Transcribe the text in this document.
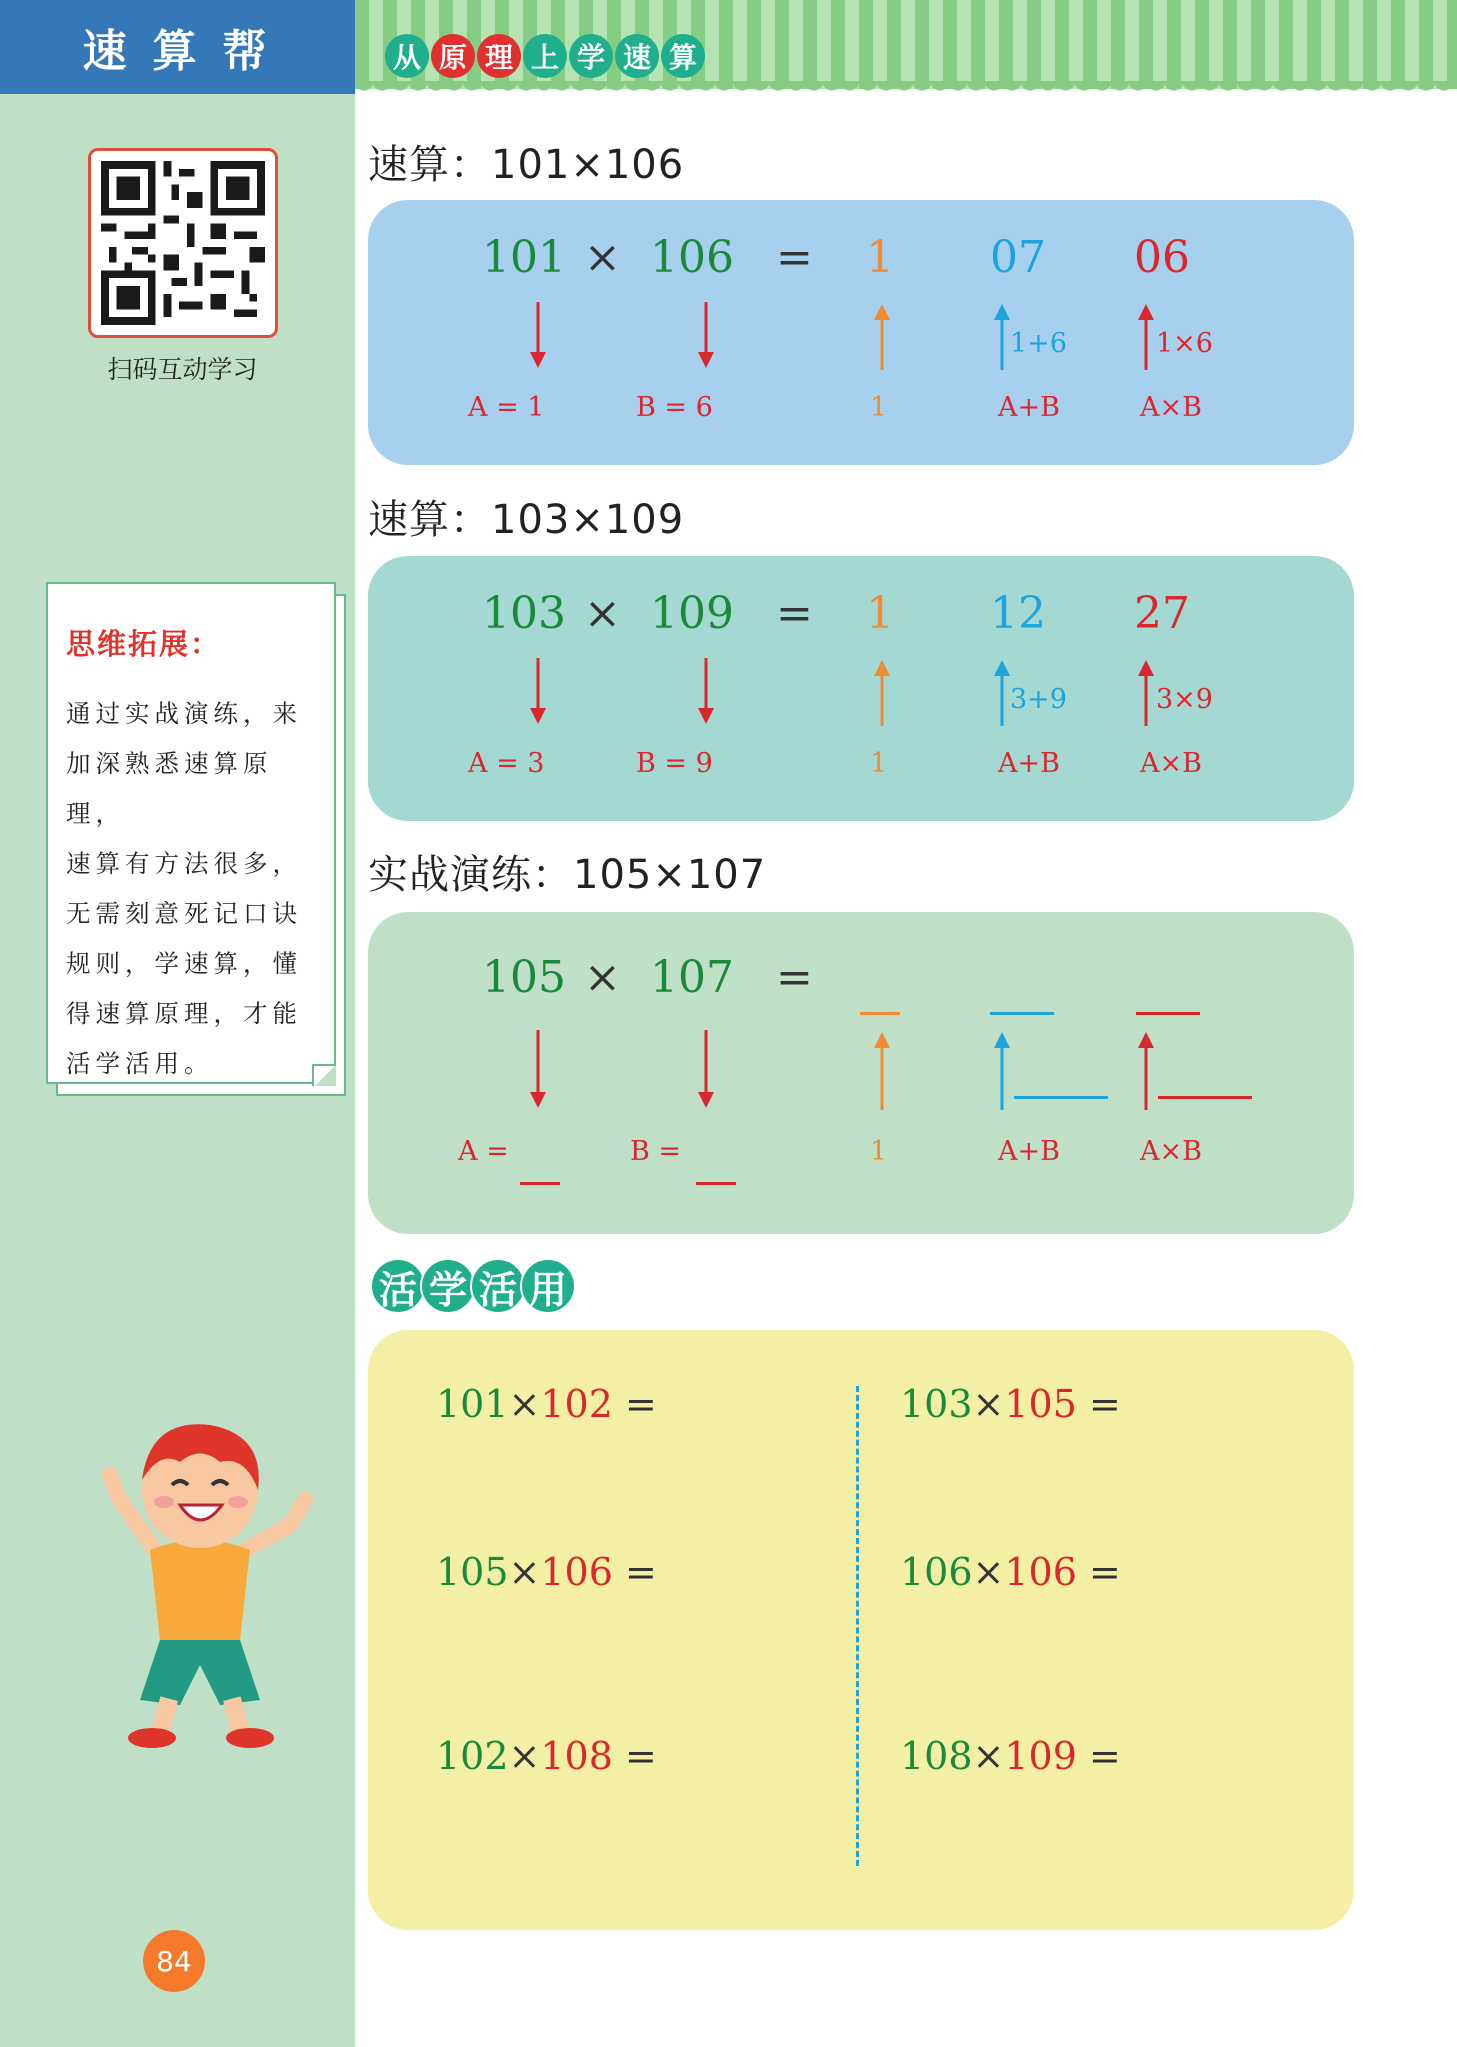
速算帮	从 原 理 上 学 速 算
扫码互动学习
思维拓展：

通过实战演练，来

加深熟悉速算原理，

速算有方法很多，

无需刻意死记口诀

规则，学速算，懂

得速算原理，才能

活学活用。

84
速算：101×106
101 × 106 = 1 07 06
1+6	1×6
A = 1	B = 6	1	A+B	A×B
速算：103×109
103 × 109 = 1 12 27
3+9	3×9
A = 3	B = 9	1	A+B	A×B
实战演练：105×107
105 × 107 =
A =	B =	1	A+B	A×B
活 学 活 用
101×102 =	103×105 =
105×106 =	106×106 =
102×108 =	108×109 =
